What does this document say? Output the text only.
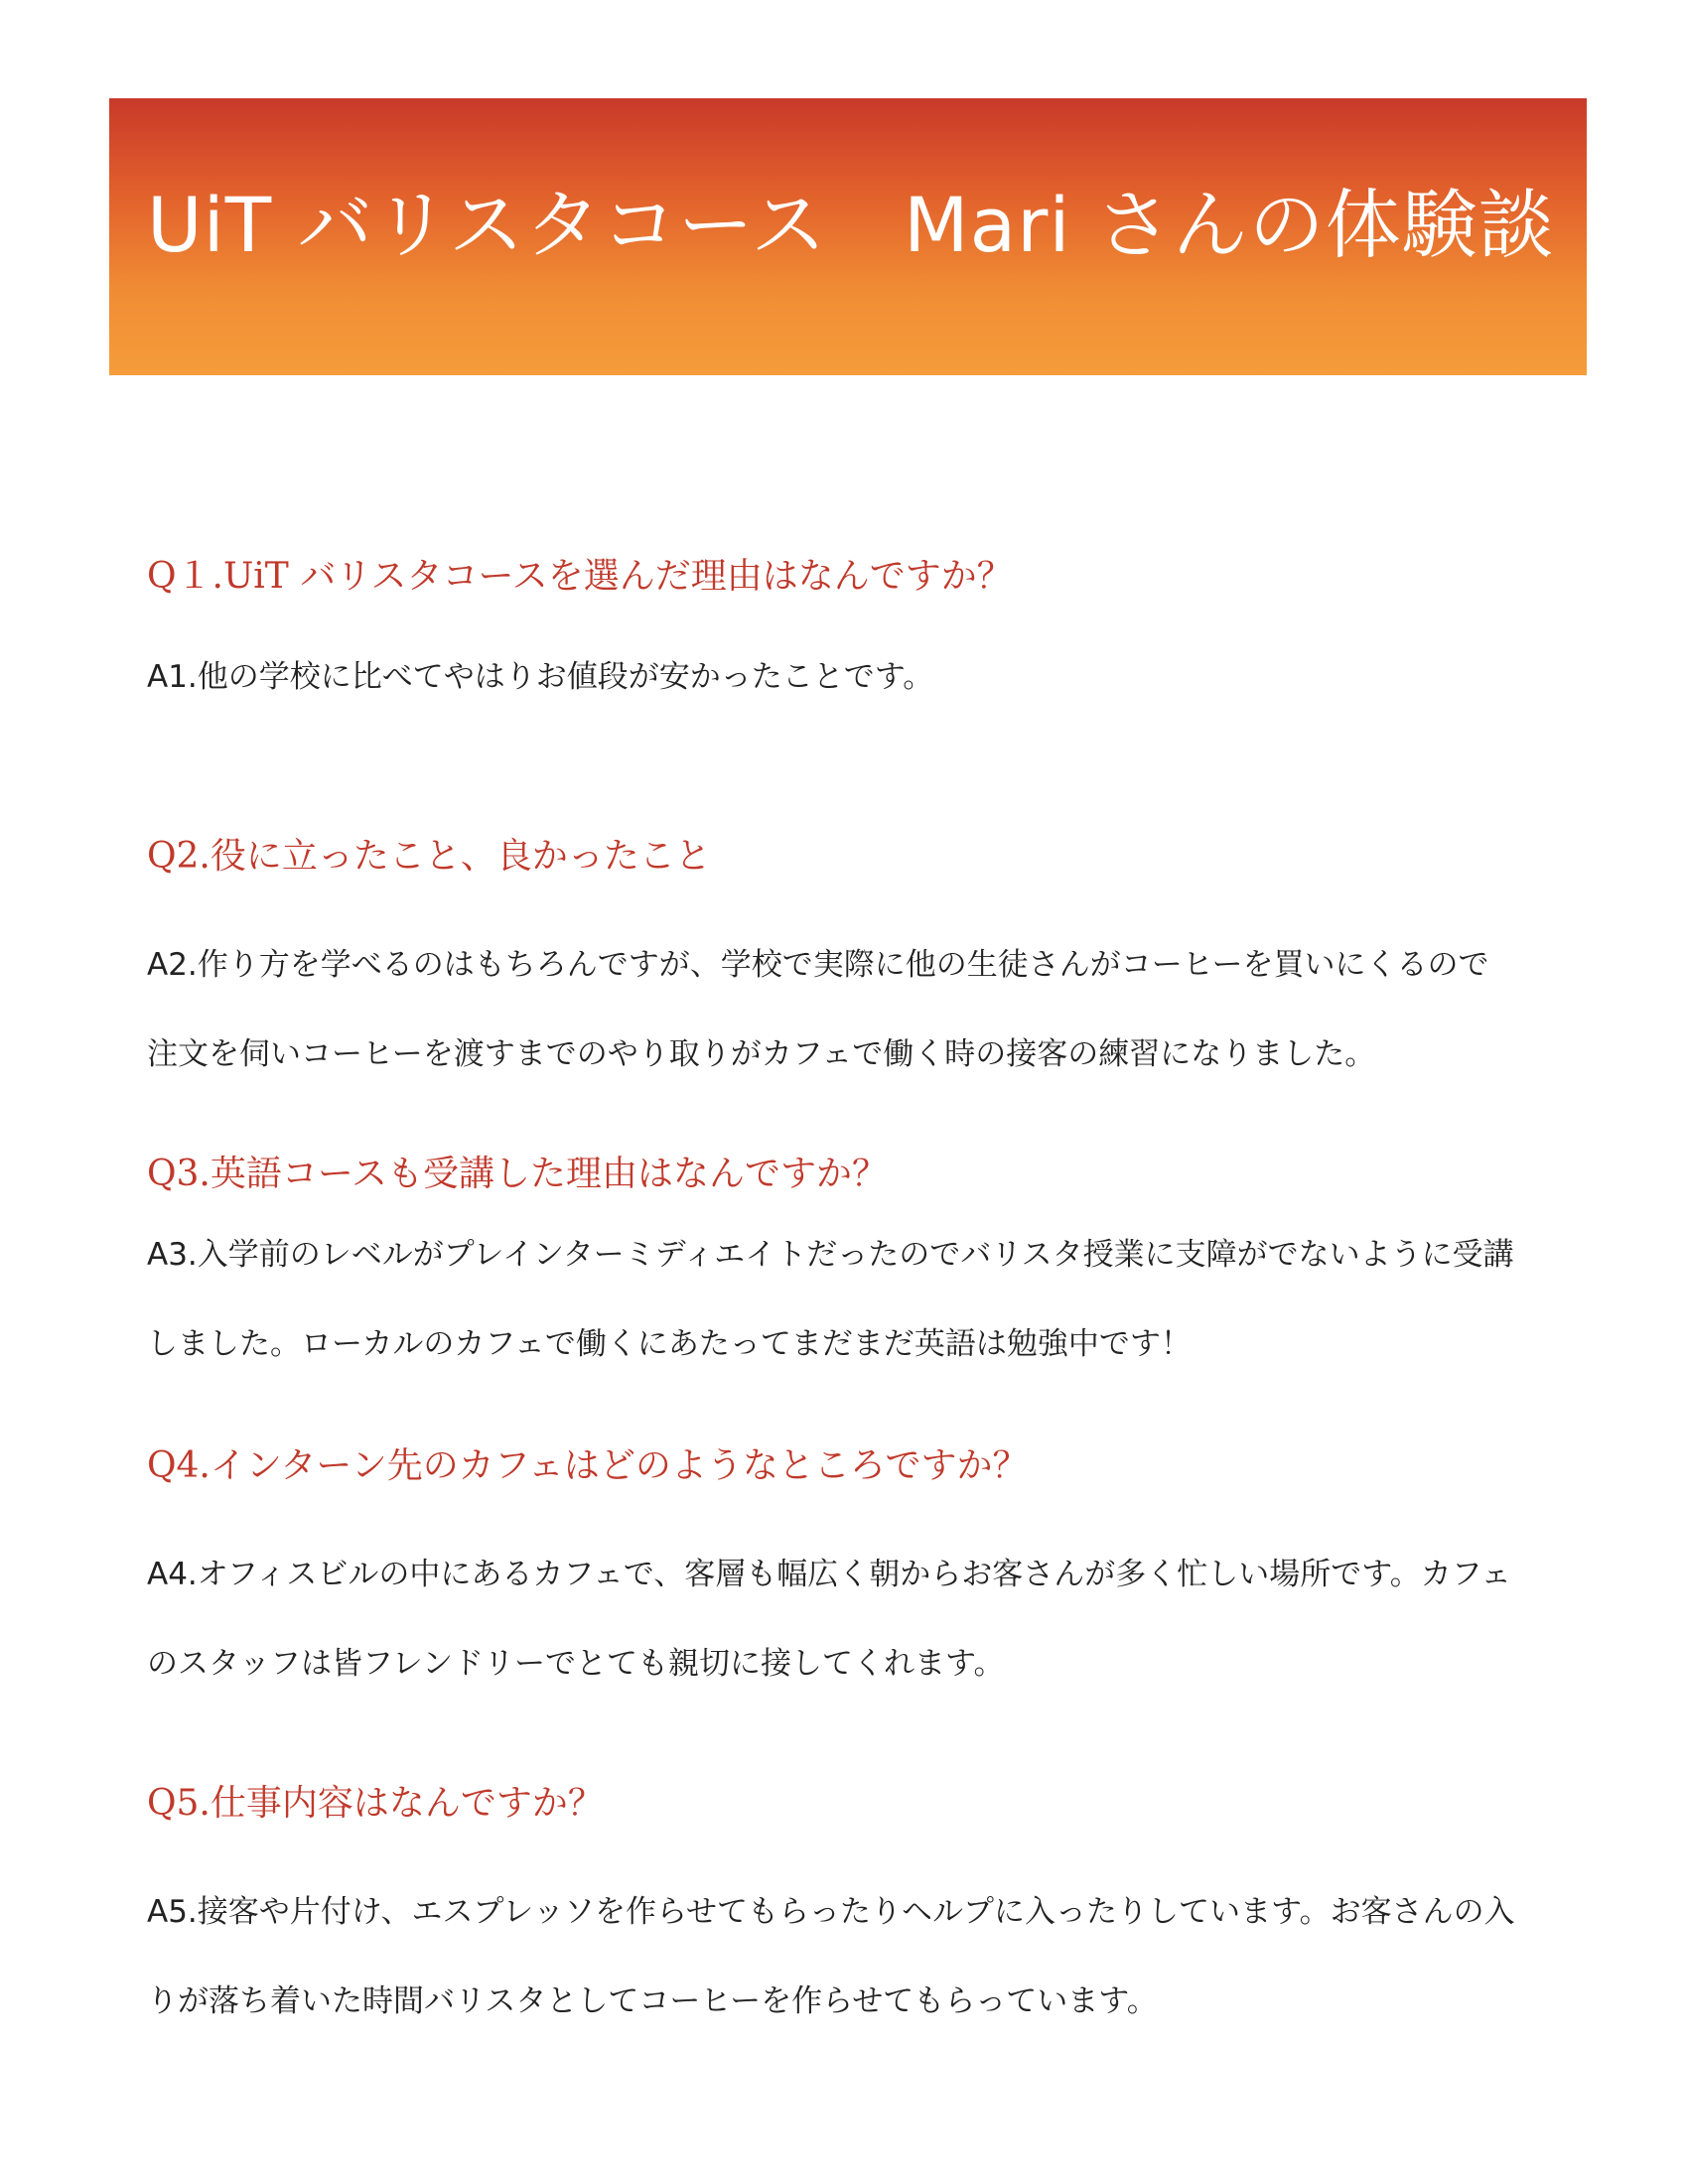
UiT バリスタコース　Mari さんの体験談
Q１.UiT バリスタコースを選んだ理由はなんですか？

A1.他の学校に比べてやはりお値段が安かったことです。

Q2.役に立ったこと、良かったこと

A2.作り方を学べるのはもちろんですが、学校で実際に他の生徒さんがコーヒーを買いにくるので注文を伺いコーヒーを渡すまでのやり取りがカフェで働く時の接客の練習になりました。

Q3.英語コースも受講した理由はなんですか？

A3.入学前のレベルがプレインターミディエイトだったのでバリスタ授業に支障がでないように受講しました。ローカルのカフェで働くにあたってまだまだ英語は勉強中です！

Q4.インターン先のカフェはどのようなところですか？

A4.オフィスビルの中にあるカフェで、客層も幅広く朝からお客さんが多く忙しい場所です。カフェのスタッフは皆フレンドリーでとても親切に接してくれます。

Q5.仕事内容はなんですか？

A5.接客や片付け、エスプレッソを作らせてもらったりヘルプに入ったりしています。お客さんの入りが落ち着いた時間バリスタとしてコーヒーを作らせてもらっています。
